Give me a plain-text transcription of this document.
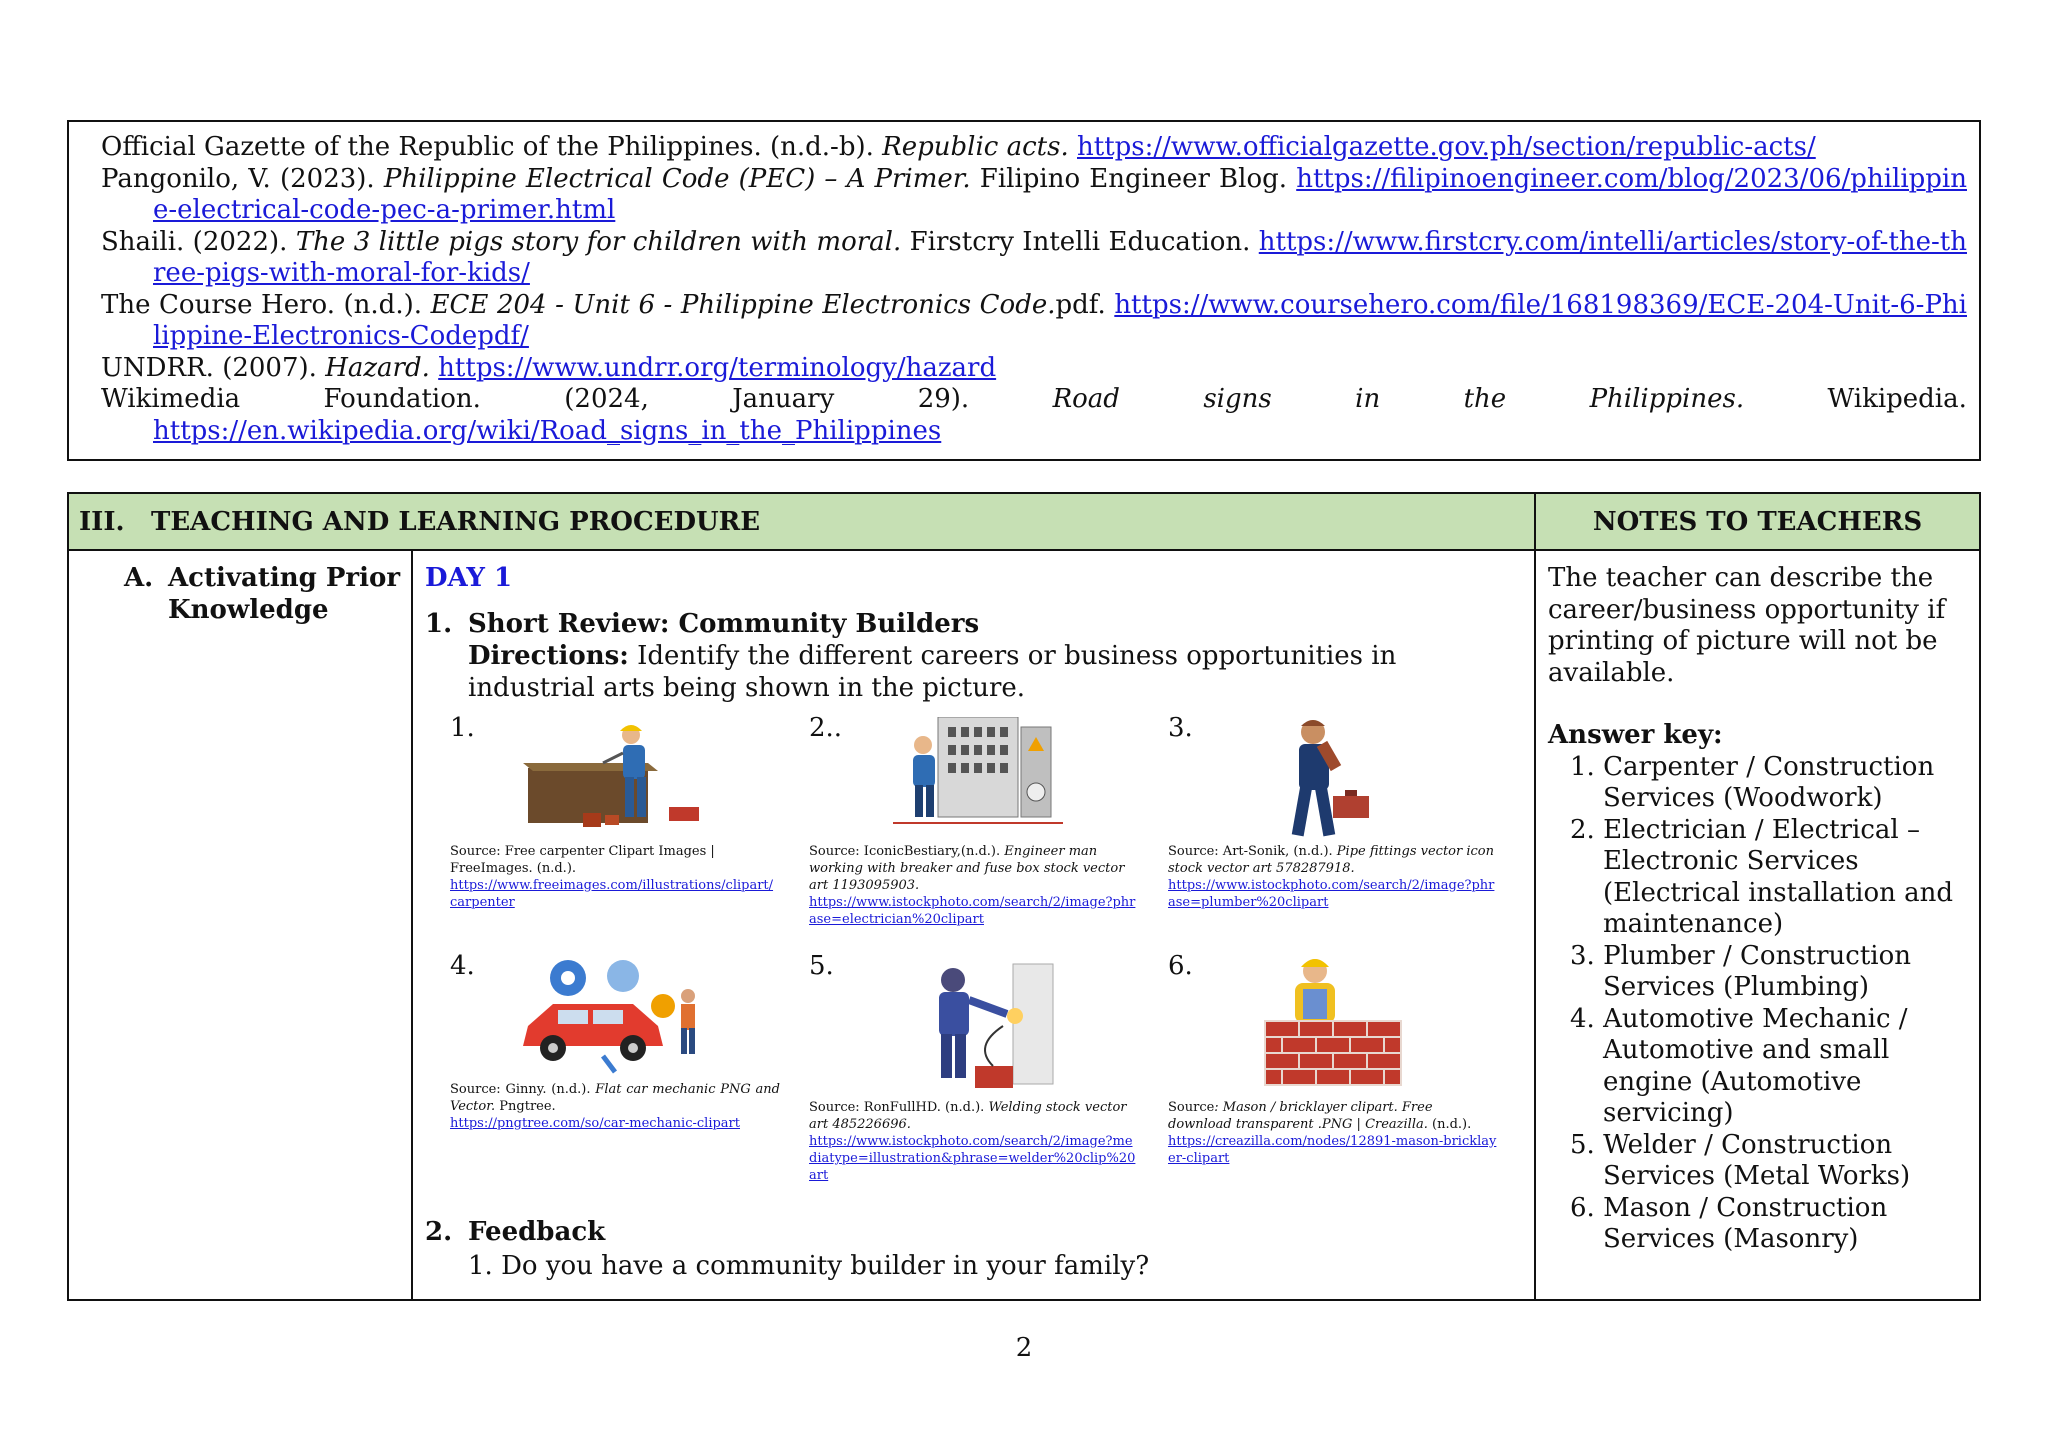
Official Gazette of the Republic of the Philippines. (n.d.-b). Republic acts. https://www.officialgazette.gov.ph/section/republic-acts/
Pangonilo, V. (2023). Philippine Electrical Code (PEC) – A Primer. Filipino Engineer Blog. https://filipinoengineer.com/blog/2023/06/philippine-electrical-code-pec-a-primer.html
Shaili. (2022). The 3 little pigs story for children with moral. Firstcry Intelli Education. https://www.firstcry.com/intelli/articles/story-of-the-three-pigs-with-moral-for-kids/
The Course Hero. (n.d.). ECE 204 - Unit 6 - Philippine Electronics Code.pdf. https://www.coursehero.com/file/168198369/ECE-204-Unit-6-Philippine-Electronics-Codepdf/
UNDRR. (2007). Hazard. https://www.undrr.org/terminology/hazard
Wikimedia	Foundation.	(2024,	January	29).	Road	signs	in	the	Philippines.	Wikipedia.
https://en.wikipedia.org/wiki/Road_signs_in_the_Philippines
III.	TEACHING AND LEARNING PROCEDURE	NOTES TO TEACHERS
A. Activating Prior Knowledge
DAY 1
1. Short Review: Community Builders
Directions: Identify the different careers or business opportunities in industrial arts being shown in the picture.
1.
Source: Free carpenter Clipart Images | FreeImages. (n.d.).
https://www.freeimages.com/illustrations/clipart/carpenter
2..
Source: IconicBestiary,(n.d.). Engineer man working with breaker and fuse box stock vector art 1193095903.
https://www.istockphoto.com/search/2/image?phrase=electrician%20clipart
3.
Source: Art-Sonik, (n.d.). Pipe fittings vector icon stock vector art 578287918.
https://www.istockphoto.com/search/2/image?phrase=plumber%20clipart
4.
Source: Ginny. (n.d.). Flat car mechanic PNG and Vector. Pngtree.
https://pngtree.com/so/car-mechanic-clipart
5.
Source: RonFullHD. (n.d.). Welding stock vector art 485226696.
https://www.istockphoto.com/search/2/image?mediatype=illustration&phrase=welder%20clip%20art
6.
Source: Mason / bricklayer clipart. Free download transparent .PNG | Creazilla. (n.d.).
https://creazilla.com/nodes/12891-mason-bricklayer-clipart
2. Feedback
1. Do you have a community builder in your family?
The teacher can describe the career/business opportunity if printing of picture will not be available.
Answer key:
1. Carpenter / Construction Services (Woodwork)
2. Electrician / Electrical – Electronic Services (Electrical installation and maintenance)
3. Plumber / Construction Services (Plumbing)
4. Automotive Mechanic / Automotive and small engine (Automotive servicing)
5. Welder / Construction Services (Metal Works)
6. Mason / Construction Services (Masonry)
2
